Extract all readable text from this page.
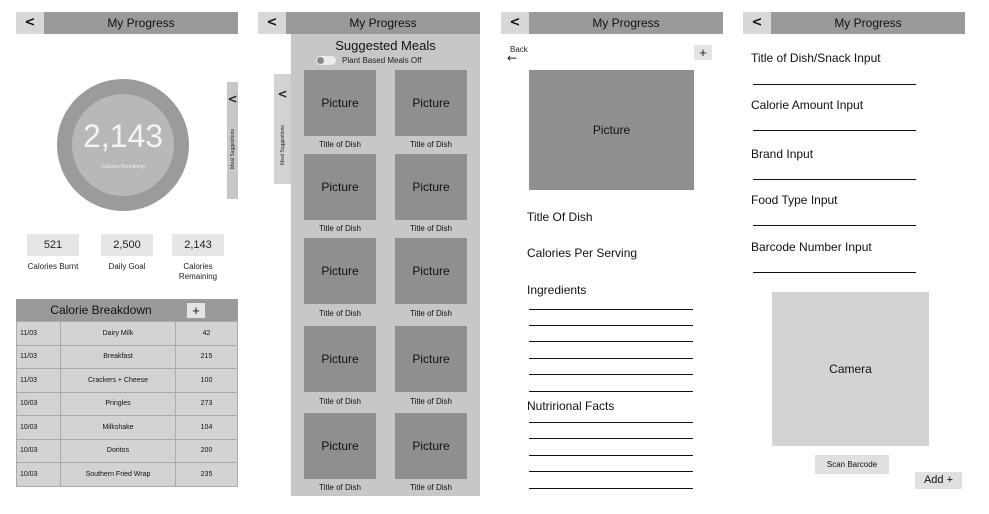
<	My Progress
2,143
Calories Remaining
<
Meal Suggestions
521	2,500	2,143
Calories Burnt	Daily Goal	Calories Remaining
Calorie Breakdown	+
11/03	Dairy Milk	42
11/03	Breakfast	215
11/03	Crackers + Cheese	100
10/03	Pringles	273
10/03	Milkshake	104
10/03	Doritos	200
10/03	Southern Fried Wrap	235
<	My Progress
<
Meal Suggestions
Suggested Meals
Plant Based Meals Off
Picture	Picture
Title of Dish	Title of Dish
Picture	Picture
Title of Dish	Title of Dish
Picture	Picture
Title of Dish	Title of Dish
Picture	Picture
Title of Dish	Title of Dish
Picture	Picture
Title of Dish	Title of Dish
<	My Progress
Back
←	+
Picture
Title Of Dish
Calories Per Serving
Ingredients
Nutrirional Facts
<	My Progress
Title of Dish/Snack Input
Calorie Amount Input
Brand Input
Food Type Input
Barcode Number Input
Camera
Scan Barcode
Add +
